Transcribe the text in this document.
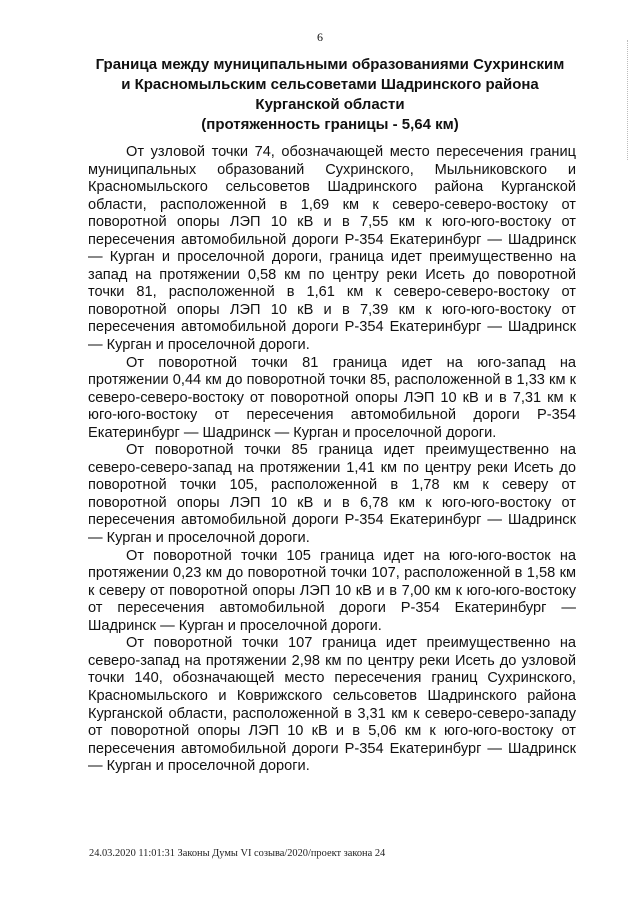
6
Граница между муниципальными образованиями Сухринским
и Красномыльским сельсоветами Шадринского района
Курганской области
(протяженность границы - 5,64 км)

От узловой точки 74, обозначающей место пересечения границ муниципальных образований Сухринского, Мыльниковского и Красномыльского сельсоветов Шадринского района Курганской области, расположенной в 1,69 км к северо-северо-востоку от поворотной опоры ЛЭП 10 кВ и в 7,55 км к юго-юго-востоку от пересечения автомобильной дороги Р-354 Екатеринбург — Шадринск — Курган и проселочной дороги, граница идет преимущественно на запад на протяжении 0,58 км по центру реки Исеть до поворотной точки 81, расположенной в 1,61 км к северо-северо-востоку от поворотной опоры ЛЭП 10 кВ и в 7,39 км к юго-юго-востоку от пересечения автомобильной дороги Р-354 Екатеринбург — Шадринск — Курган и проселочной дороги.

От поворотной точки 81 граница идет на юго-запад на протяжении 0,44 км до поворотной точки 85, расположенной в 1,33 км к северо-северо-востоку от поворотной опоры ЛЭП 10 кВ и в 7,31 км к юго-юго-востоку от пересечения автомобильной дороги Р-354 Екатеринбург — Шадринск — Курган и проселочной дороги.

От поворотной точки 85 граница идет преимущественно на северо-северо-запад на протяжении 1,41 км по центру реки Исеть до поворотной точки 105, расположенной в 1,78 км к северу от поворотной опоры ЛЭП 10 кВ и в 6,78 км к юго-юго-востоку от пересечения автомобильной дороги Р-354 Екатеринбург — Шадринск — Курган и проселочной дороги.

От поворотной точки 105 граница идет на юго-юго-восток на протяжении 0,23 км до поворотной точки 107, расположенной в 1,58 км к северу от поворотной опоры ЛЭП 10 кВ и в 7,00 км к юго-юго-востоку от пересечения автомобильной дороги Р-354 Екатеринбург — Шадринск — Курган и проселочной дороги.

От поворотной точки 107 граница идет преимущественно на северо-запад на протяжении 2,98 км по центру реки Исеть до узловой точки 140, обозначающей место пересечения границ Сухринского, Красномыльского и Коврижского сельсоветов Шадринского района Курганской области, расположенной в 3,31 км к северо-северо-западу от поворотной опоры ЛЭП 10 кВ и в 5,06 км к юго-юго-востоку от пересечения автомобильной дороги Р-354 Екатеринбург — Шадринск — Курган и проселочной дороги.

24.03.2020 11:01:31 Законы Думы VI созыва/2020/проект закона 24
